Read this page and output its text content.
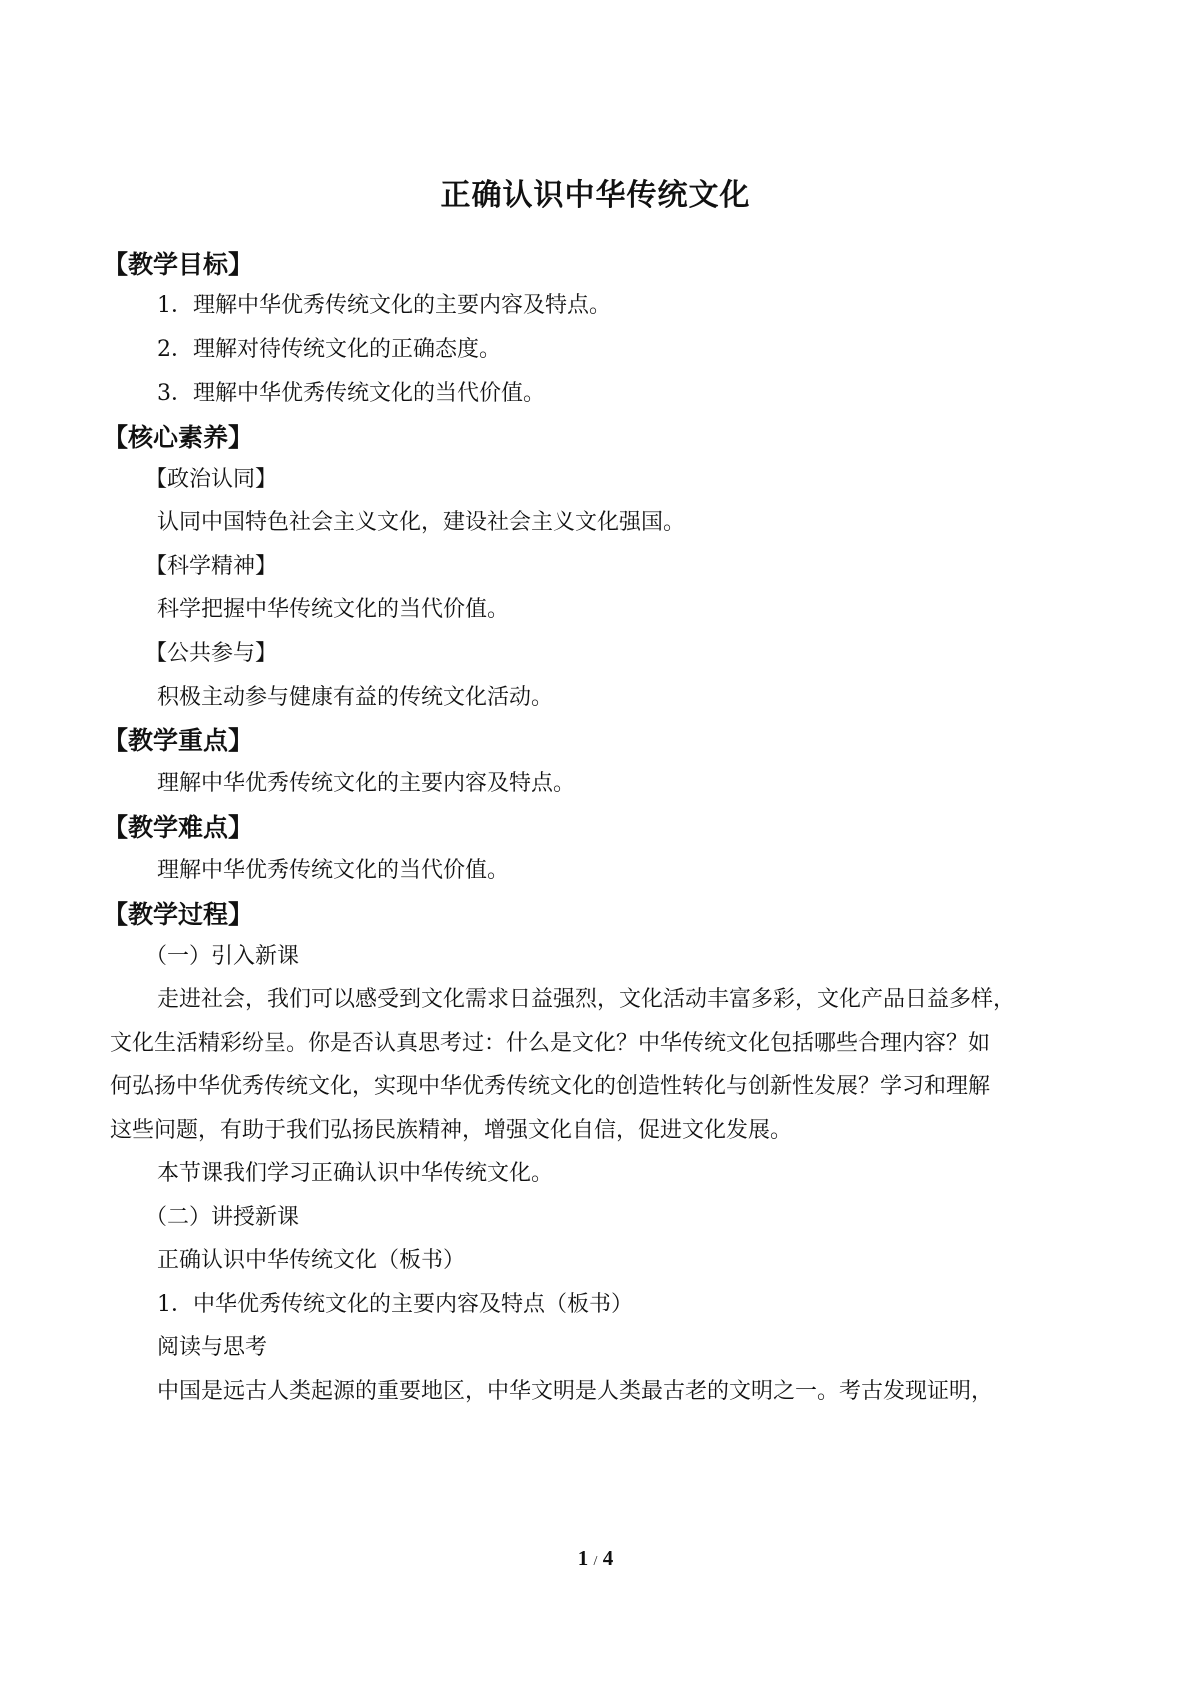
正确认识中华传统文化
【教学目标】
1．理解中华优秀传统文化的主要内容及特点。
2．理解对待传统文化的正确态度。
3．理解中华优秀传统文化的当代价值。
【核心素养】
【政治认同】
认同中国特色社会主义文化，建设社会主义文化强国。
【科学精神】
科学把握中华传统文化的当代价值。
【公共参与】
积极主动参与健康有益的传统文化活动。
【教学重点】
理解中华优秀传统文化的主要内容及特点。
【教学难点】
理解中华优秀传统文化的当代价值。
【教学过程】
（一）引入新课
走进社会，我们可以感受到文化需求日益强烈，文化活动丰富多彩，文化产品日益多样，
文化生活精彩纷呈。你是否认真思考过：什么是文化？中华传统文化包括哪些合理内容？如
何弘扬中华优秀传统文化，实现中华优秀传统文化的创造性转化与创新性发展？学习和理解
这些问题，有助于我们弘扬民族精神，增强文化自信，促进文化发展。
本节课我们学习正确认识中华传统文化。
（二）讲授新课
正确认识中华传统文化（板书）
1．中华优秀传统文化的主要内容及特点（板书）
阅读与思考
中国是远古人类起源的重要地区，中华文明是人类最古老的文明之一。考古发现证明，
1 / 4
